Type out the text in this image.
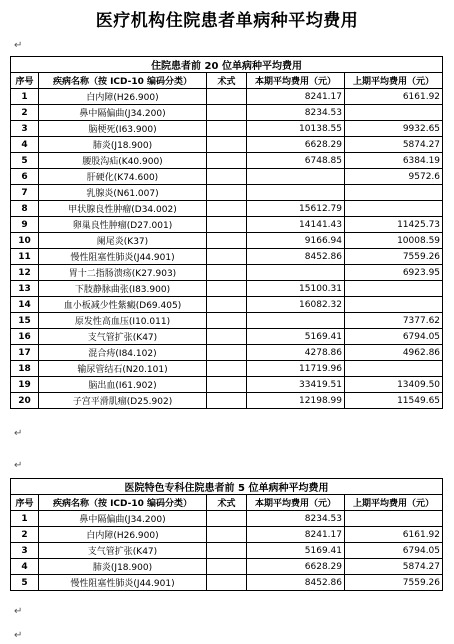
医疗机构住院患者单病种平均费用
↵
住院患者前 20 位单病种平均费用				
序号	疾病名称（按 ICD-10 编码分类）	术式	本期平均费用（元）	上期平均费用（元）
1	白内障(H26.900)		8241.17	6161.92
2	鼻中隔偏曲(J34.200)		8234.53	
3	脑梗死(I63.900)		10138.55	9932.65
4	肺炎(J18.900)		6628.29	5874.27
5	腰股沟疝(K40.900)		6748.85	6384.19
6	肝硬化(K74.600)			9572.6
7	乳腺炎(N61.007)			
8	甲状腺良性肿瘤(D34.002)		15612.79	
9	卵巢良性肿瘤(D27.001)		14141.43	11425.73
10	阑尾炎(K37)		9166.94	10008.59
11	慢性阻塞性肺炎(J44.901)		8452.86	7559.26
12	胃十二指肠溃疡(K27.903)			6923.95
13	下肢静脉曲张(I83.900)		15100.31	
14	血小板减少性紫癜(D69.405)		16082.32	
15	原发性高血压(I10.011)			7377.62
16	支气管扩张(K47)		5169.41	6794.05
17	混合痔(I84.102)		4278.86	4962.86
18	输尿管结石(N20.101)		11719.96	
19	脑出血(I61.902)		33419.51	13409.50
20	子宫平滑肌瘤(D25.902)		12198.99	11549.65
↵
↵
医院特色专科住院患者前 5 位单病种平均费用				
序号	疾病名称（按 ICD-10 编码分类）	术式	本期平均费用（元）	上期平均费用（元）
1	鼻中隔偏曲(J34.200)		8234.53	
2	白内障(H26.900)		8241.17	6161.92
3	支气管扩张(K47)		5169.41	6794.05
4	肺炎(J18.900)		6628.29	5874.27
5	慢性阻塞性肺炎(J44.901)		8452.86	7559.26
↵
↵
